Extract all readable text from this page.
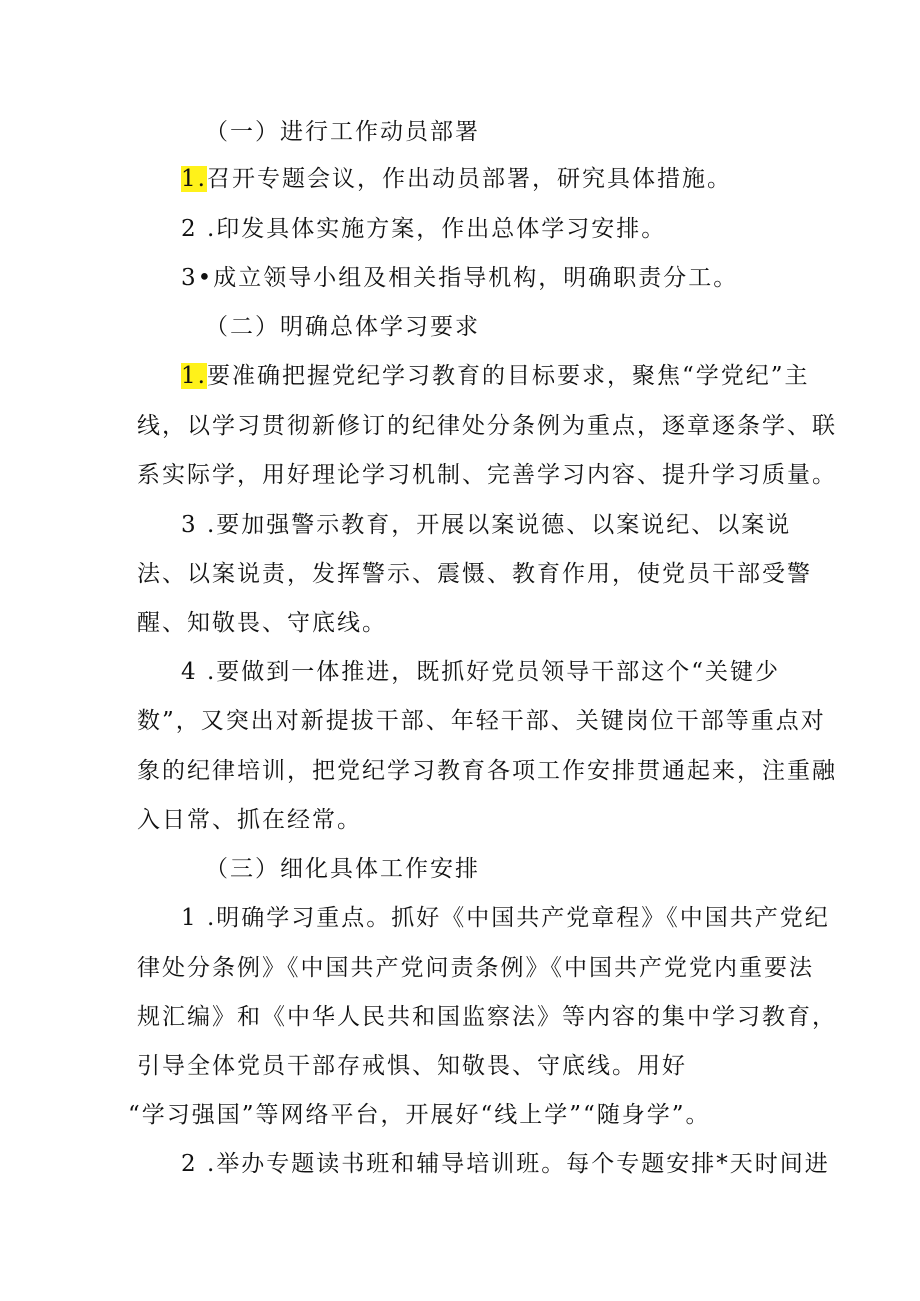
（一）进行工作动员部署
1.召开专题会议，作出动员部署，研究具体措施。
2 .印发具体实施方案，作出总体学习安排。
3•成立领导小组及相关指导机构，明确职责分工。
（二）明确总体学习要求
1.要准确把握党纪学习教育的目标要求，聚焦“学党纪”主
线，以学习贯彻新修订的纪律处分条例为重点，逐章逐条学、联
系实际学，用好理论学习机制、完善学习内容、提升学习质量。
3 .要加强警示教育，开展以案说德、以案说纪、以案说
法、以案说责，发挥警示、震慑、教育作用，使党员干部受警
醒、知敬畏、守底线。
4 .要做到一体推进，既抓好党员领导干部这个“关键少
数”，又突出对新提拔干部、年轻干部、关键岗位干部等重点对
象的纪律培训，把党纪学习教育各项工作安排贯通起来，注重融
入日常、抓在经常。
（三）细化具体工作安排
1 .明确学习重点。抓好《中国共产党章程》《中国共产党纪
律处分条例》《中国共产党问责条例》《中国共产党党内重要法
规汇编》和《中华人民共和国监察法》等内容的集中学习教育，
引导全体党员干部存戒惧、知敬畏、守底线。用好
“学习强国”等网络平台，开展好“线上学”“随身学”。
2 .举办专题读书班和辅导培训班。每个专题安排*天时间进
